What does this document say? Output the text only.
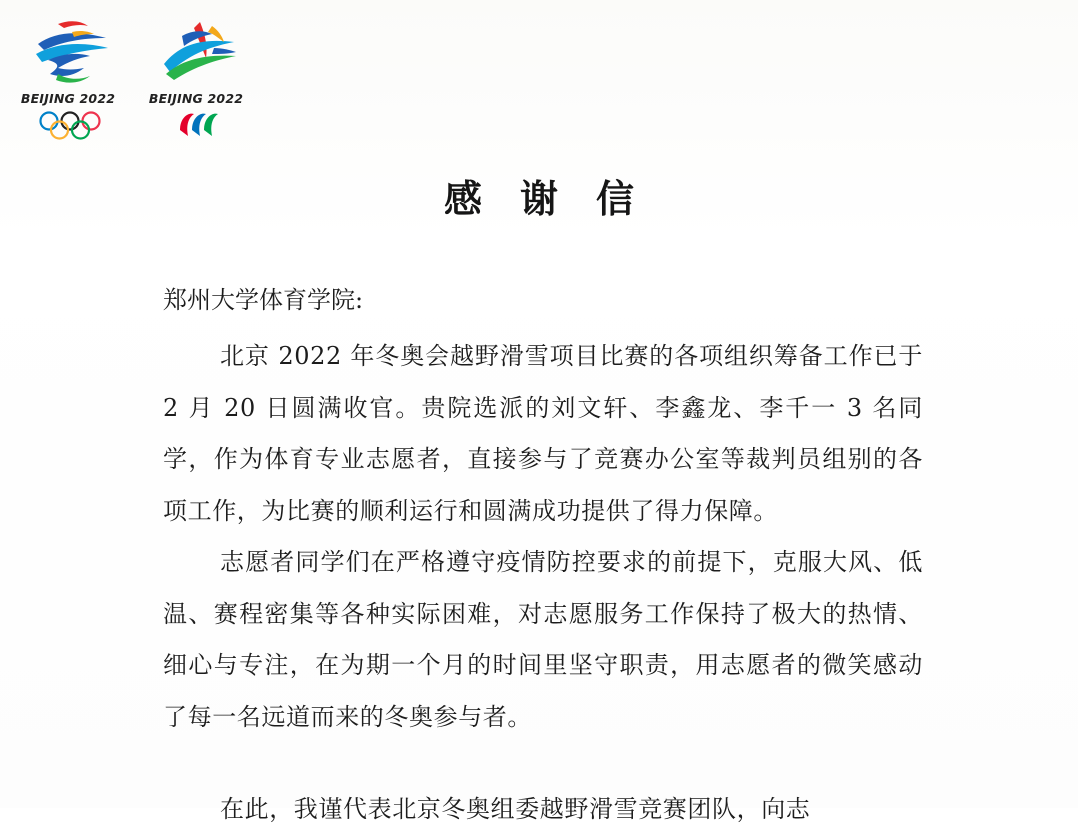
BEIJING 2022	BEIJING 2022
感谢信
郑州大学体育学院:

北京 2022 年冬奥会越野滑雪项目比赛的各项组织筹备工作已于 2 月 20 日圆满收官。贵院选派的刘文轩、李鑫龙、李千一 3 名同学，作为体育专业志愿者，直接参与了竞赛办公室等裁判员组别的各项工作，为比赛的顺利运行和圆满成功提供了得力保障。

志愿者同学们在严格遵守疫情防控要求的前提下，克服大风、低温、赛程密集等各种实际困难，对志愿服务工作保持了极大的热情、细心与专注，在为期一个月的时间里坚守职责，用志愿者的微笑感动了每一名远道而来的冬奥参与者。

在此，我谨代表北京冬奥组委越野滑雪竞赛团队，向志
